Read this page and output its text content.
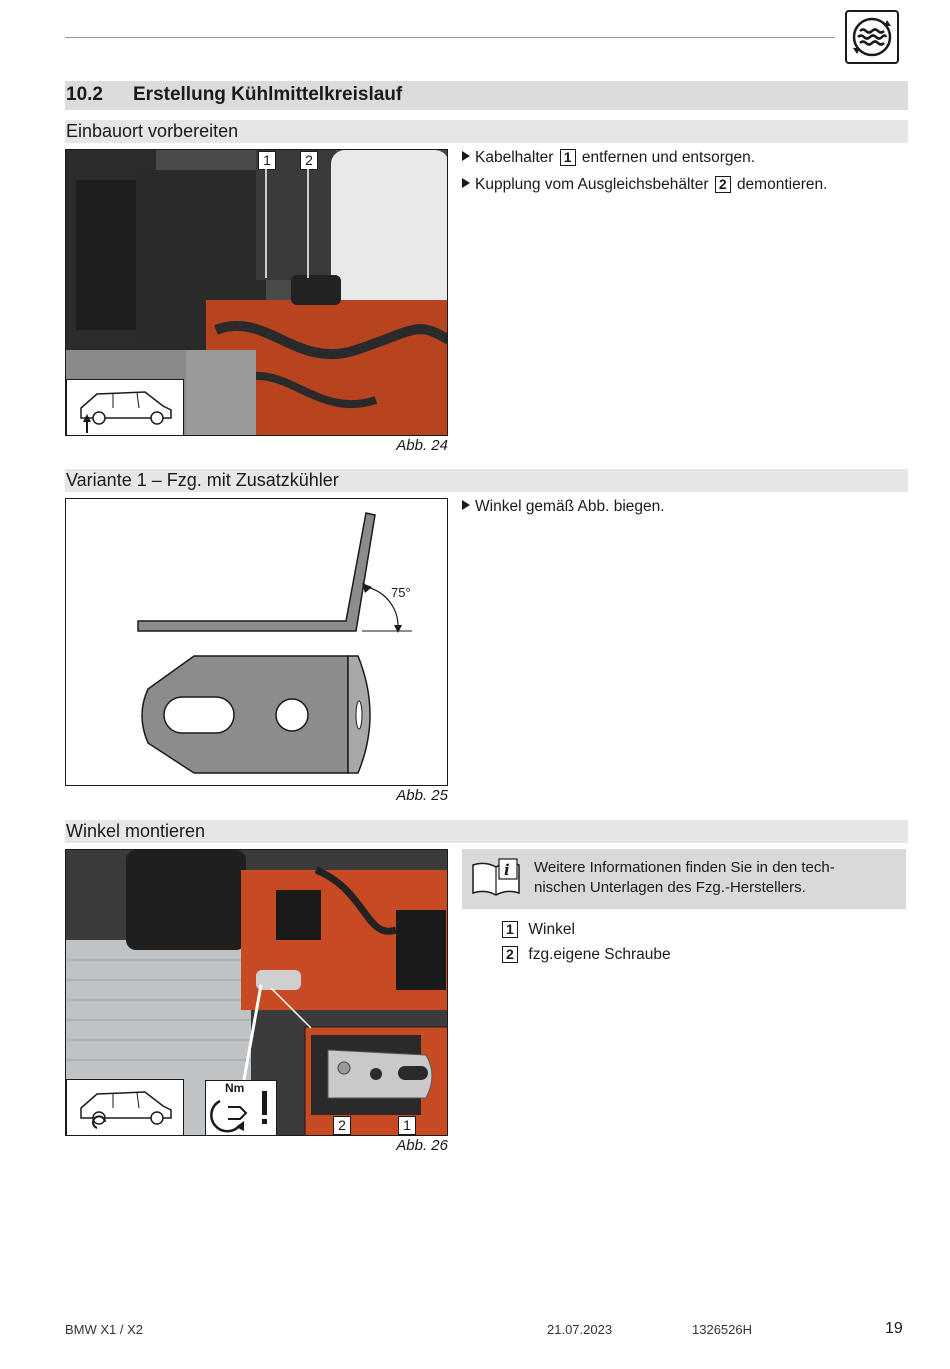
10.2 Erstellung Kühlmittelkreislauf
Einbauort vorbereiten
1	2
Abb. 24
Kabelhalter 1 entfernen und entsorgen.
Kupplung vom Ausgleichsbehälter 2 demontieren.
Variante 1 – Fzg. mit Zusatzkühler
75°
Abb. 25
Winkel gemäß Abb. biegen.
Winkel montieren
Nm
2	1
Abb. 26
i Weitere Informationen finden Sie in den tech-
nischen Unterlagen des Fzg.-Herstellers.
1 Winkel
2 fzg.eigene Schraube
BMW X1 / X2	21.07.2023	1326526H	19
